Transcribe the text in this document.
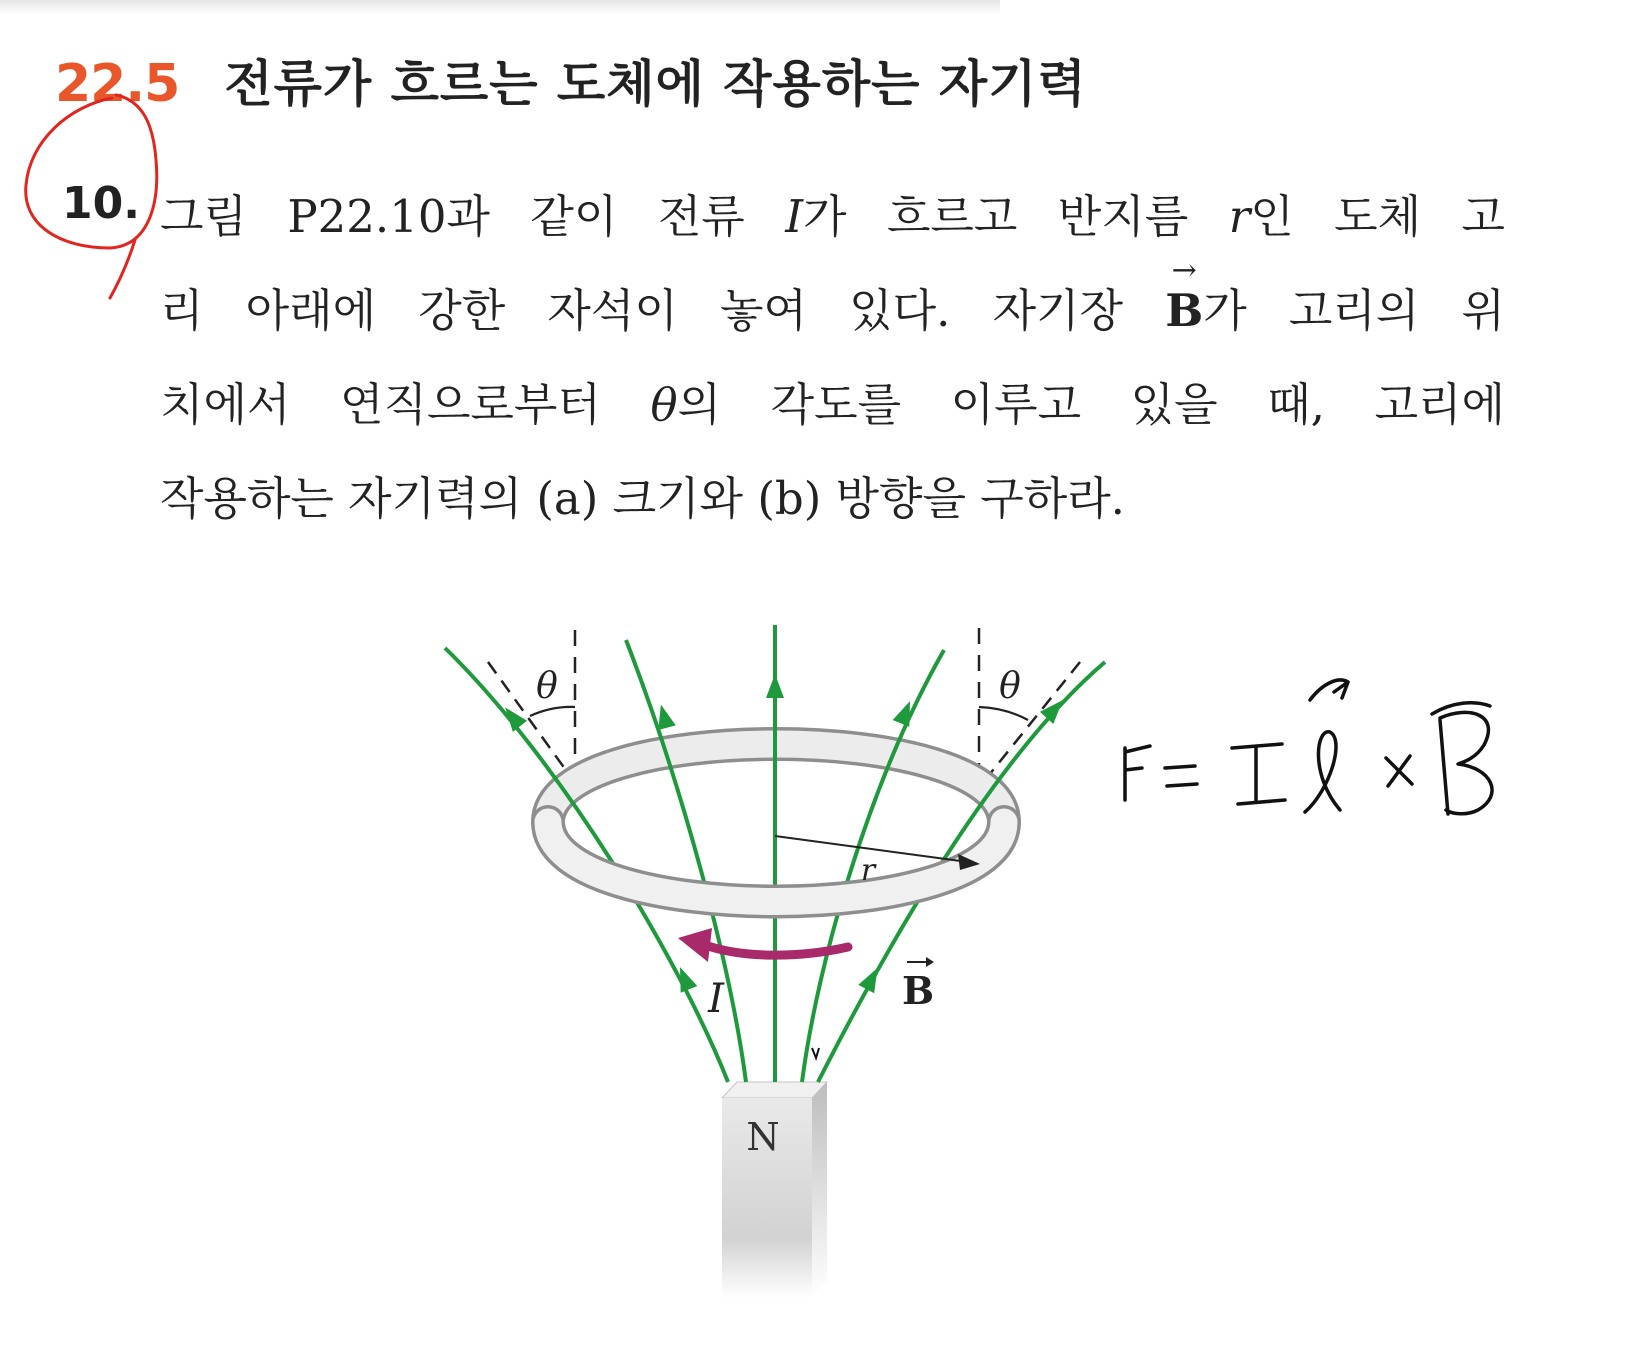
22.5 전류가 흐르는 도체에 작용하는 자기력
10. 그림 P22.10과 같이 전류 I가 흐르고 반지름 r인 도체 고
리 아래에 강한 자석이 놓여 있다. 자기장 → B가 고리의 위
치에서 연직으로부터 θ의 각도를 이루고 있을 때, 고리에
작용하는 자기력의 (a) 크기와 (b) 방향을 구하라.
N
θ	θ
r
I	B
